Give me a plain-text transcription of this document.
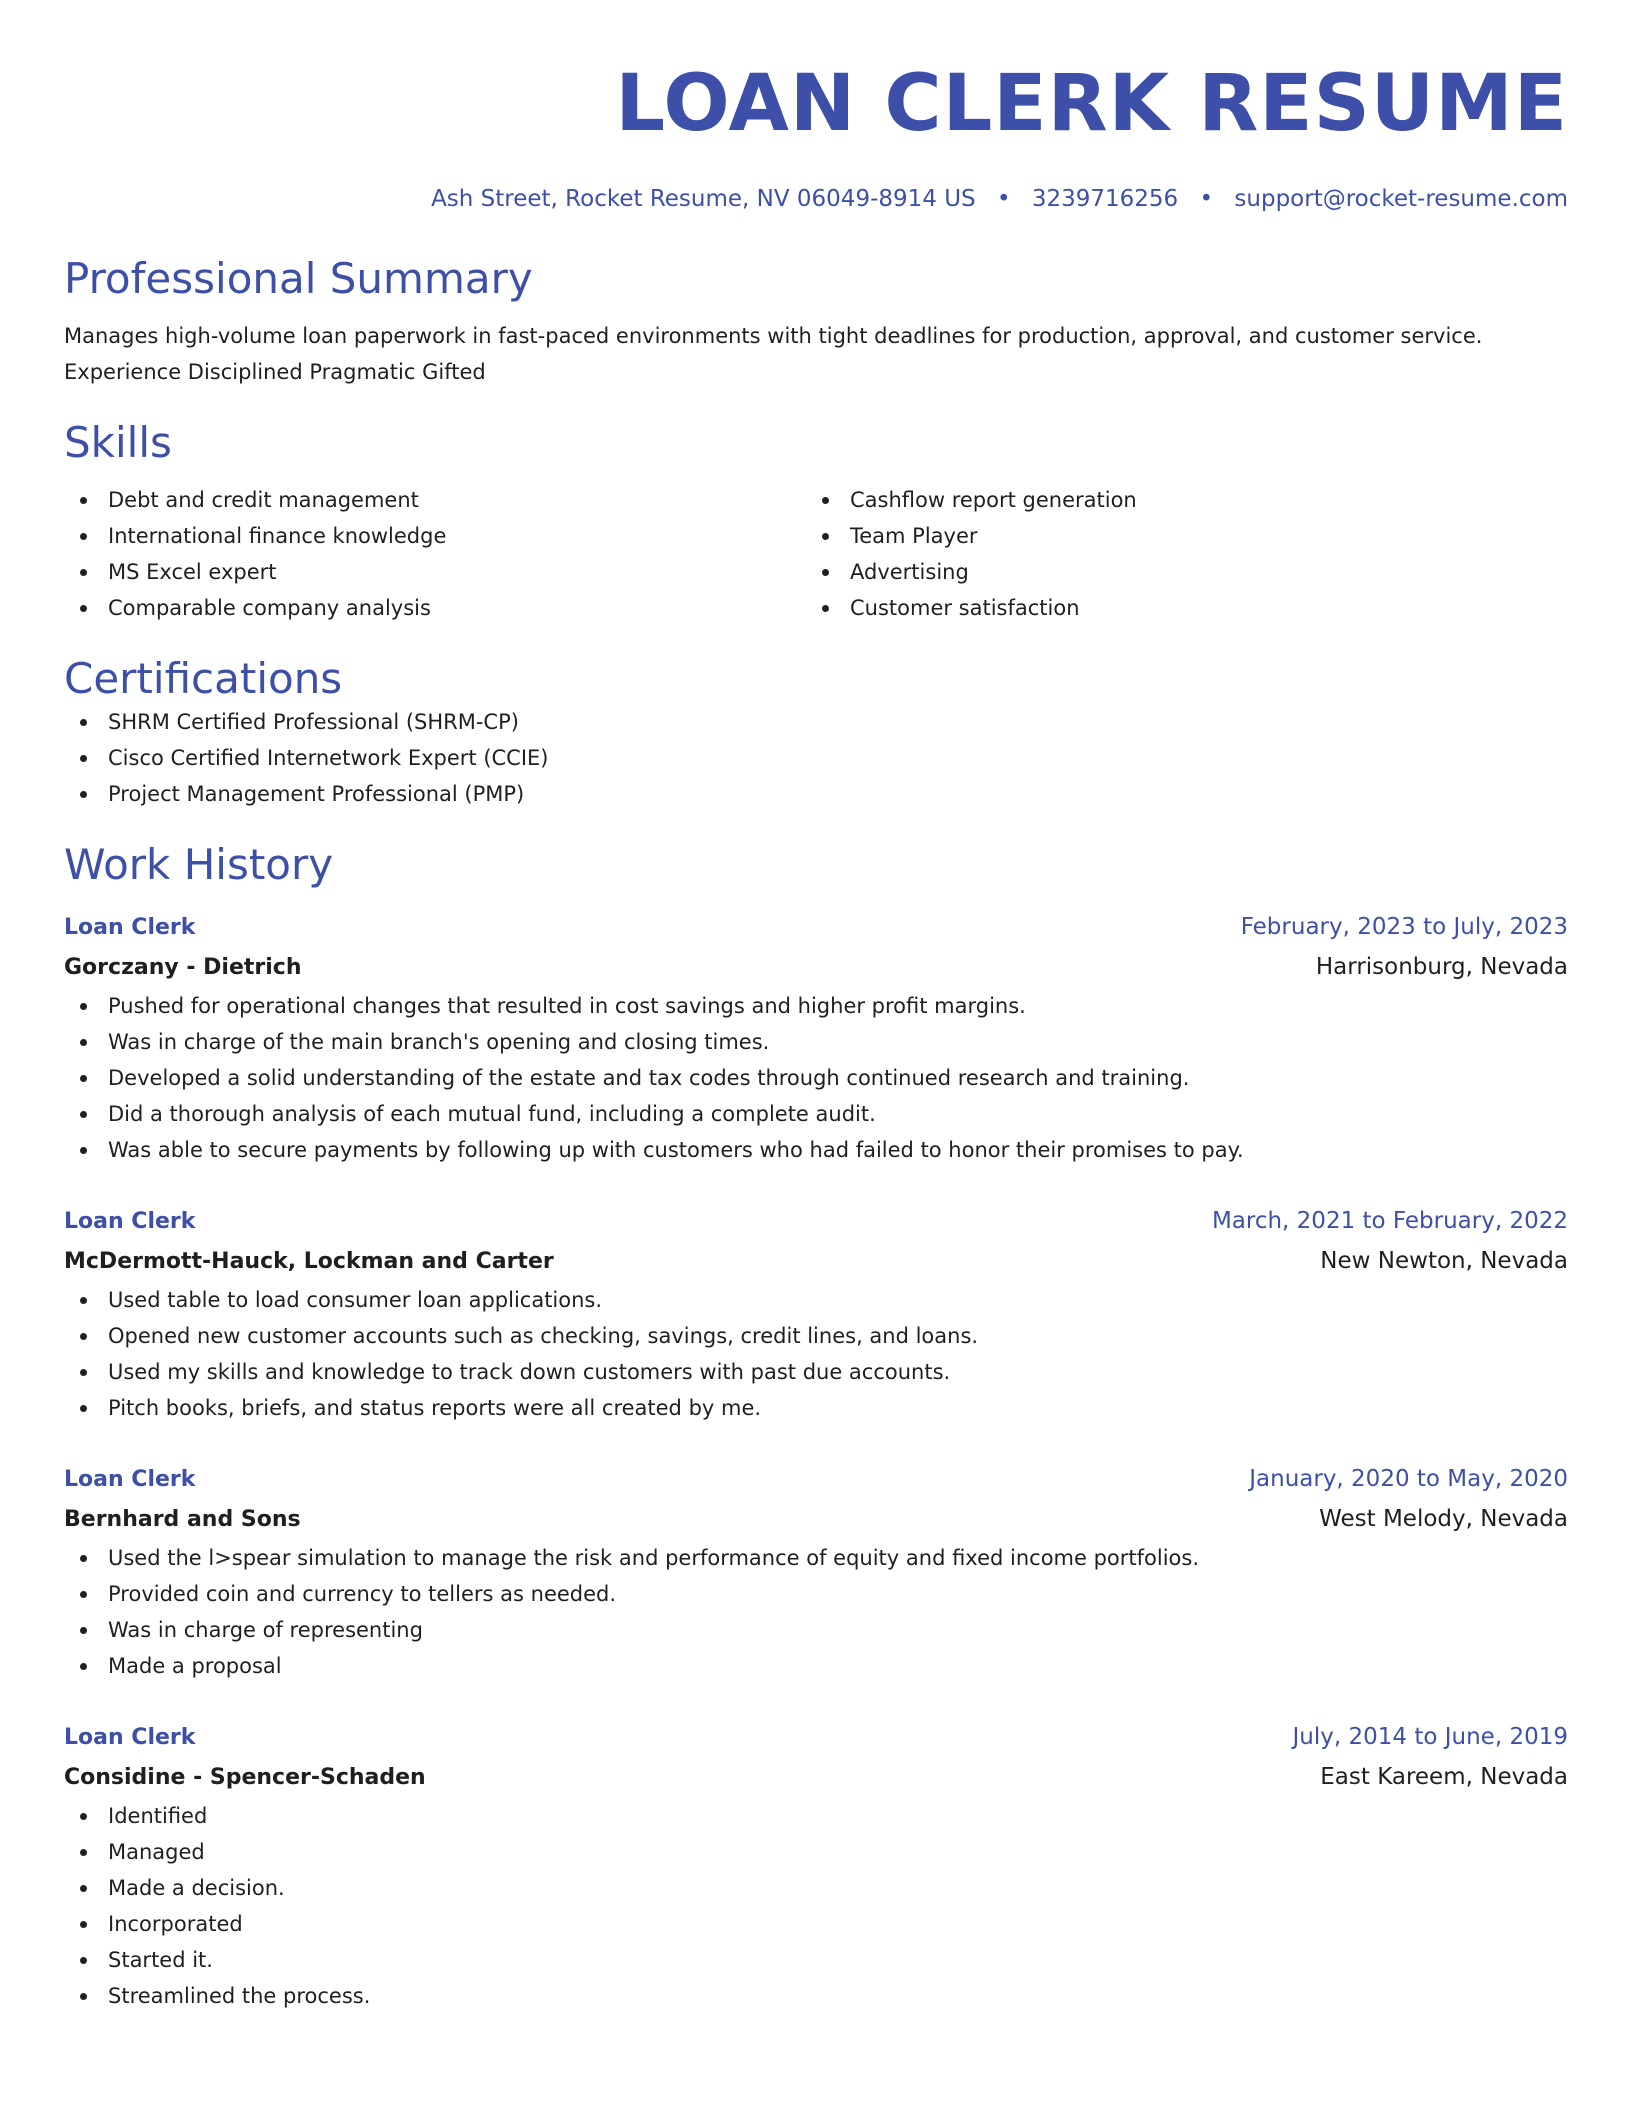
LOAN CLERK RESUME
Ash Street, Rocket Resume, NV 06049-8914 US • 3239716256 • support@rocket-resume.com
Professional Summary
Manages high-volume loan paperwork in fast-paced environments with tight deadlines for production, approval, and customer service. Experience Disciplined Pragmatic Gifted
Skills
Debt and credit management
International finance knowledge
MS Excel expert
Comparable company analysis
Cashflow report generation
Team Player
Advertising
Customer satisfaction
Certifications
SHRM Certified Professional (SHRM-CP)
Cisco Certified Internetwork Expert (CCIE)
Project Management Professional (PMP)
Work History
Loan Clerk	February, 2023 to July, 2023
Gorczany - Dietrich	Harrisonburg, Nevada
Pushed for operational changes that resulted in cost savings and higher profit margins.
Was in charge of the main branch's opening and closing times.
Developed a solid understanding of the estate and tax codes through continued research and training.
Did a thorough analysis of each mutual fund, including a complete audit.
Was able to secure payments by following up with customers who had failed to honor their promises to pay.
Loan Clerk	March, 2021 to February, 2022
McDermott-Hauck, Lockman and Carter	New Newton, Nevada
Used table to load consumer loan applications.
Opened new customer accounts such as checking, savings, credit lines, and loans.
Used my skills and knowledge to track down customers with past due accounts.
Pitch books, briefs, and status reports were all created by me.
Loan Clerk	January, 2020 to May, 2020
Bernhard and Sons	West Melody, Nevada
Used the l>spear simulation to manage the risk and performance of equity and fixed income portfolios.
Provided coin and currency to tellers as needed.
Was in charge of representing
Made a proposal
Loan Clerk	July, 2014 to June, 2019
Considine - Spencer-Schaden	East Kareem, Nevada
Identified
Managed
Made a decision.
Incorporated
Started it.
Streamlined the process.
